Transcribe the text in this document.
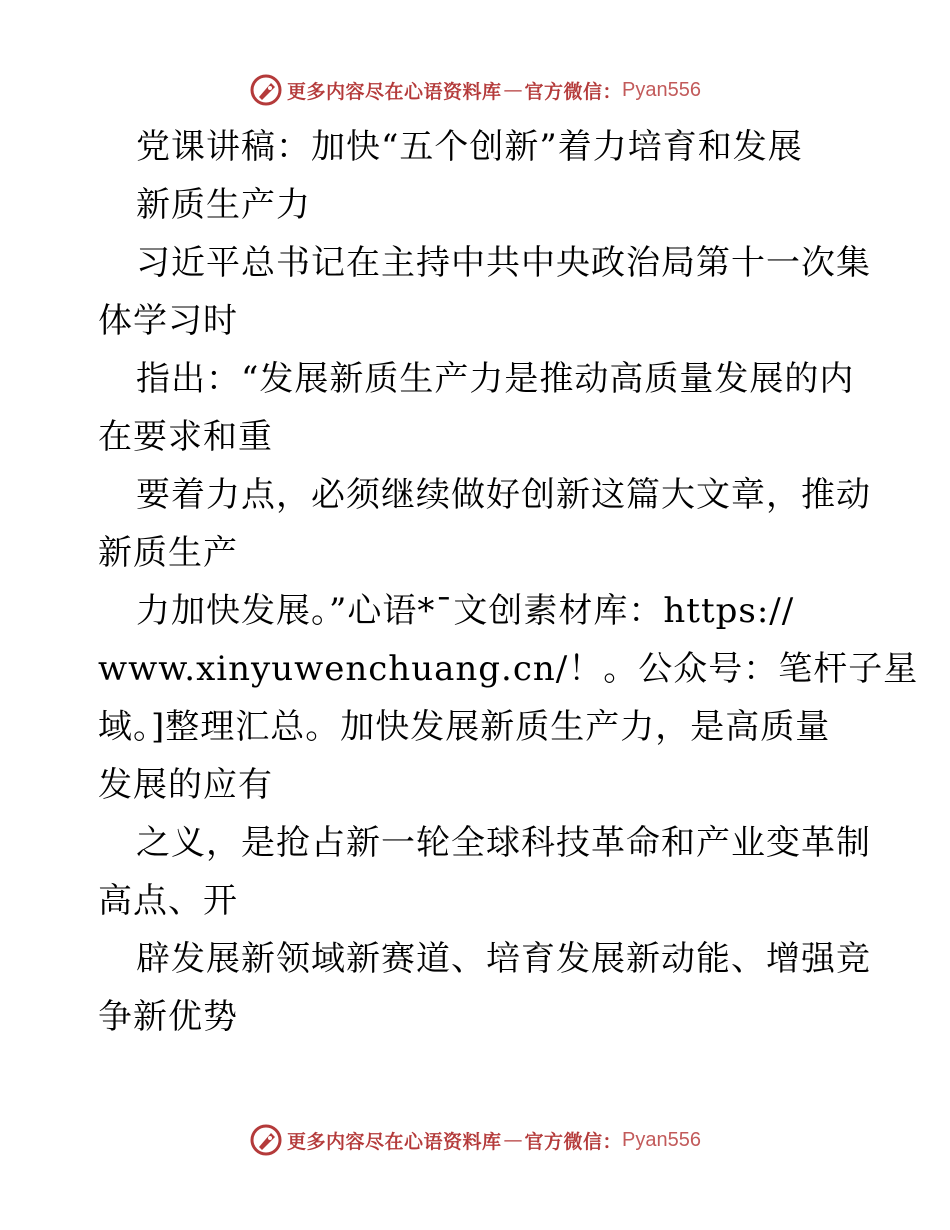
更多内容尽在心语资料库 — 官方微信： Pyan556
党课讲稿：加快“五个创新”着力培育和发展
新质生产力
习近平总书记在主持中共中央政治局第十一次集
体学习时
指出：“发展新质生产力是推动高质量发展的内
在要求和重
要着力点，必须继续做好创新这篇大文章，推动
新质生产
力加快发展。”心语*¯文创素材库：https://
www.xinyuwenchuang.cn/！。公众号：笔杆子星
域。]整理汇总。加快发展新质生产力，是高质量
发展的应有
之义，是抢占新一轮全球科技革命和产业变革制
高点、开
辟发展新领域新赛道、培育发展新动能、增强竞
争新优势
更多内容尽在心语资料库 — 官方微信： Pyan556
